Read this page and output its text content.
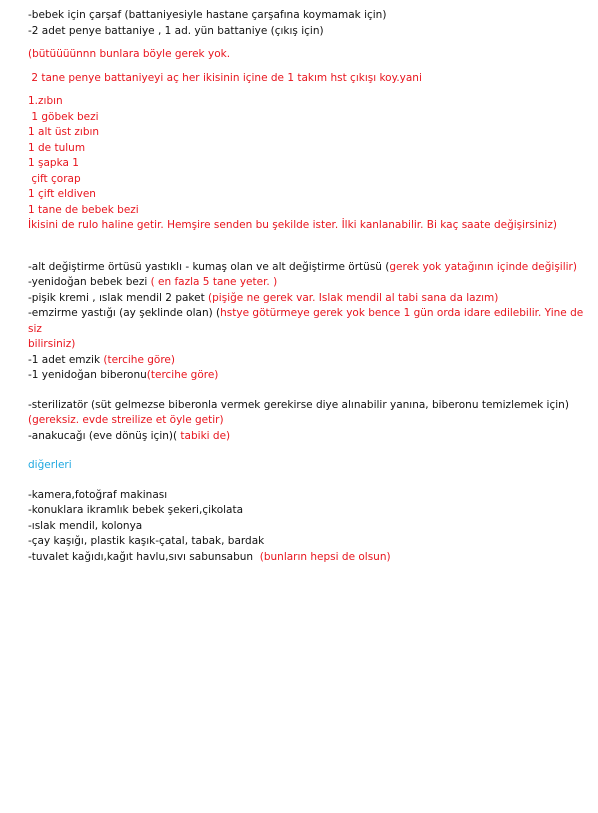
-bebek için çarşaf (battaniyesiyle hastane çarşafına koymamak için)
-2 adet penye battaniye , 1 ad. yün battaniye (çıkış için)
(bütüüüünnn bunlara böyle gerek yok.
2 tane penye battaniyeyi aç her ikisinin içine de 1 takım hst çıkışı koy.yani
1.zıbın
1 göbek bezi
1 alt üst zıbın
1 de tulum
1 şapka 1
çift çorap
1 çift eldiven
1 tane de bebek bezi
İkisini de rulo haline getir. Hemşire senden bu şekilde ister. İlki kanlanabilir. Bi kaç saate değişirsiniz)
-alt değiştirme örtüsü yastıklı - kumaş olan ve alt değiştirme örtüsü (gerek yok yatağının içinde değişilir)
-yenidoğan bebek bezi ( en fazla 5 tane yeter. )
-pişik kremi , ıslak mendil 2 paket (pişiğe ne gerek var. Islak mendil al tabi sana da lazım)
-emzirme yastığı (ay şeklinde olan) (hstye götürmeye gerek yok bence 1 gün orda idare edilebilir. Yine de siz
bilirsiniz)
-1 adet emzik (tercihe göre)
-1 yenidoğan biberonu(tercihe göre)
-sterilizatör (süt gelmezse biberonla vermek gerekirse diye alınabilir yanına, biberonu temizlemek için)
(gereksiz. evde streilize et öyle getir)
-anakucağı (eve dönüş için)( tabiki de)
diğerleri
-kamera,fotoğraf makinası
-konuklara ikramlık bebek şekeri,çikolata
-ıslak mendil, kolonya
-çay kaşığı, plastik kaşık-çatal, tabak, bardak
-tuvalet kağıdı,kağıt havlu,sıvı sabunsabun  (bunların hepsi de olsun)
